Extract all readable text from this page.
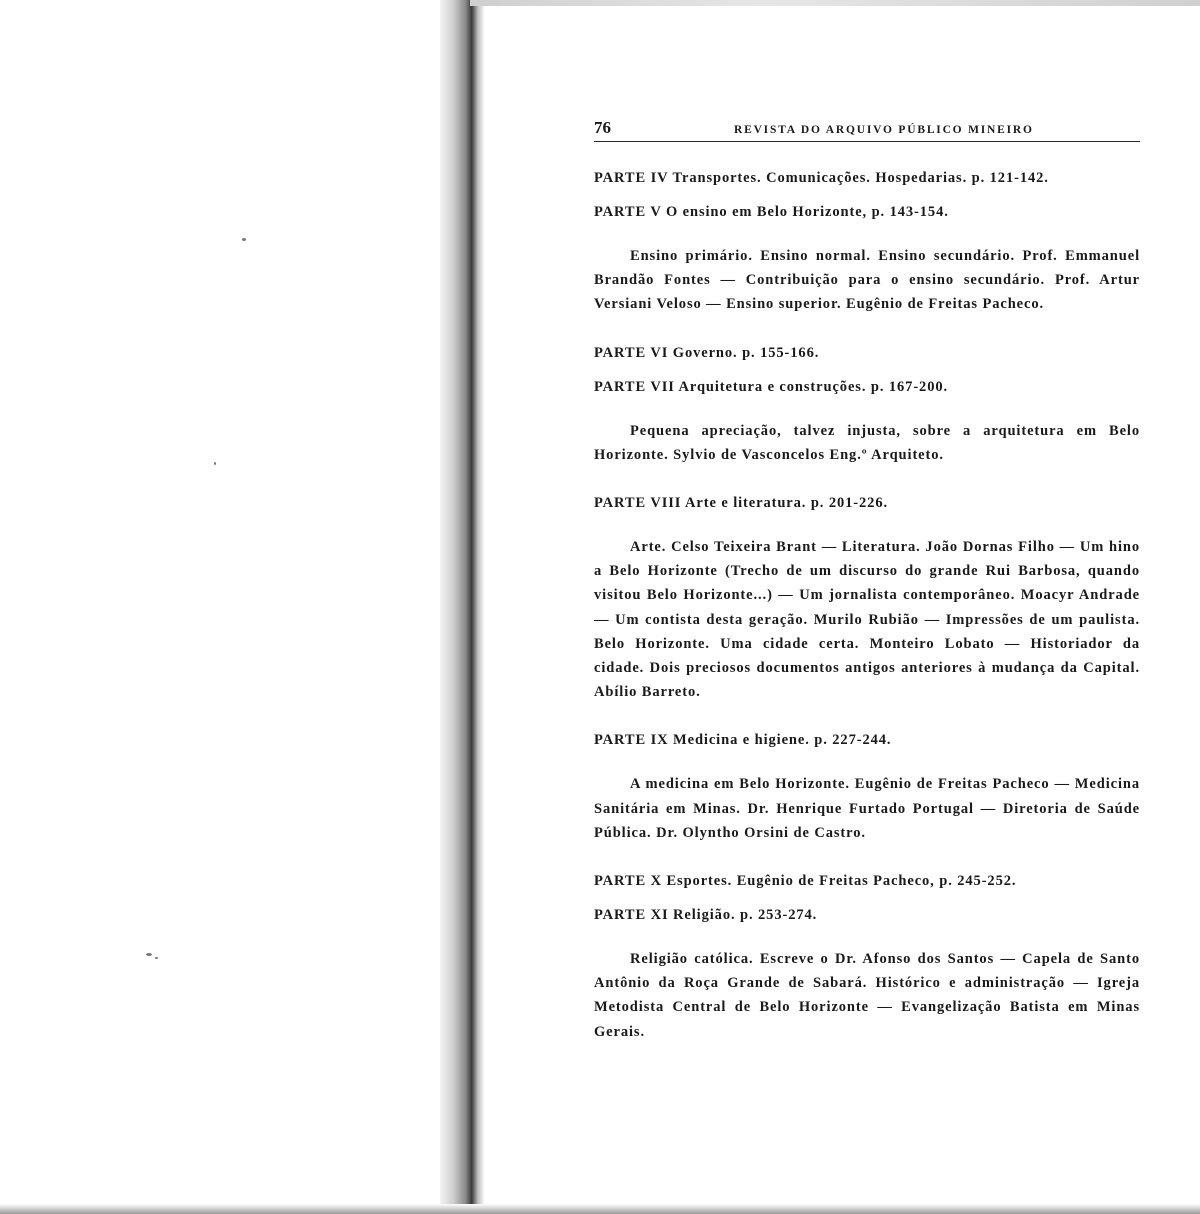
76	REVISTA DO ARQUIVO PÚBLICO MINEIRO

PARTE IV Transportes. Comunicações. Hospedarias. p. 121-142.

PARTE V O ensino em Belo Horizonte, p. 143-154.

Ensino primário. Ensino normal. Ensino secundário. Prof. Emmanuel Brandão Fontes — Contribuição para o ensino secundário. Prof. Artur Versiani Veloso — Ensino superior. Eugênio de Freitas Pacheco.

PARTE VI Governo. p. 155-166.

PARTE VII Arquitetura e construções. p. 167-200.

Pequena apreciação, talvez injusta, sobre a arquitetura em Belo Horizonte. Sylvio de Vasconcelos Eng.º Arquiteto.

PARTE VIII Arte e literatura. p. 201-226.

Arte. Celso Teixeira Brant — Literatura. João Dornas Filho — Um hino a Belo Horizonte (Trecho de um discurso do grande Rui Barbosa, quando visitou Belo Horizonte...) — Um jornalista contemporâneo. Moacyr Andrade — Um contista desta geração. Murilo Rubião — Impressões de um paulista. Belo Horizonte. Uma cidade certa. Monteiro Lobato — Historiador da cidade. Dois preciosos documentos antigos anteriores à mudança da Capital. Abílio Barreto.

PARTE IX Medicina e higiene. p. 227-244.

A medicina em Belo Horizonte. Eugênio de Freitas Pacheco — Medicina Sanitária em Minas. Dr. Henrique Furtado Portugal — Diretoria de Saúde Pública. Dr. Olyntho Orsini de Castro.

PARTE X Esportes. Eugênio de Freitas Pacheco, p. 245-252.

PARTE XI Religião. p. 253-274.

Religião católica. Escreve o Dr. Afonso dos Santos — Capela de Santo Antônio da Roça Grande de Sabará. Histórico e administração — Igreja Metodista Central de Belo Horizonte — Evangelização Batista em Minas Gerais.
